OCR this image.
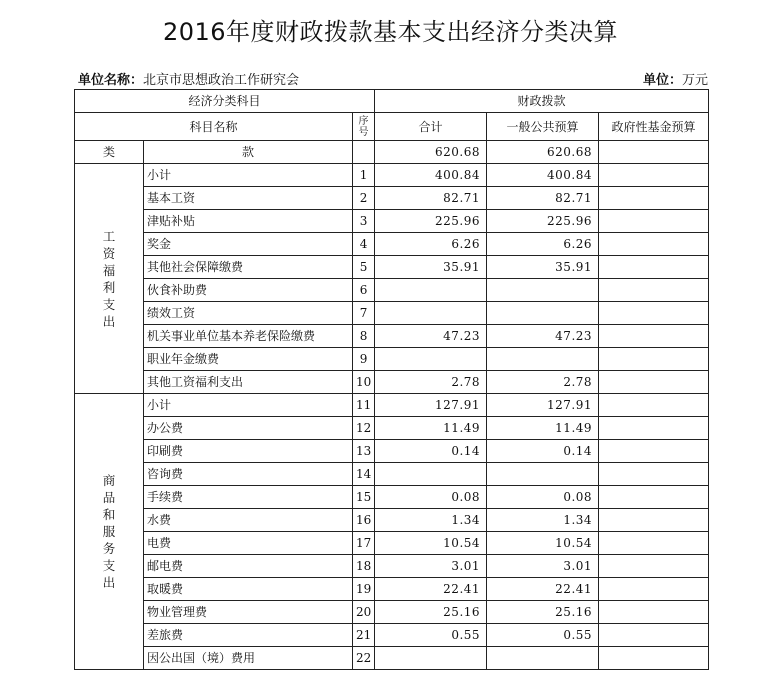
2016年度财政拨款基本支出经济分类决算
单位名称：北京市思想政治工作研究会	单位：万元
经济分类科目			财政拨款		
科目名称		序号	合计	一般公共预算	政府性基金预算
类	款		620.68	620.68	
工资福利支出	小计	1	400.84	400.84	
	基本工资	2	82.71	82.71	
	津贴补贴	3	225.96	225.96	
	奖金	4	6.26	6.26	
	其他社会保障缴费	5	35.91	35.91	
	伙食补助费	6			
	绩效工资	7			
	机关事业单位基本养老保险缴费	8	47.23	47.23	
	职业年金缴费	9			
	其他工资福利支出	10	2.78	2.78	
商品和服务支出	小计	11	127.91	127.91	
	办公费	12	11.49	11.49	
	印刷费	13	0.14	0.14	
	咨询费	14			
	手续费	15	0.08	0.08	
	水费	16	1.34	1.34	
	电费	17	10.54	10.54	
	邮电费	18	3.01	3.01	
	取暖费	19	22.41	22.41	
	物业管理费	20	25.16	25.16	
	差旅费	21	0.55	0.55	
	因公出国（境）费用	22			
